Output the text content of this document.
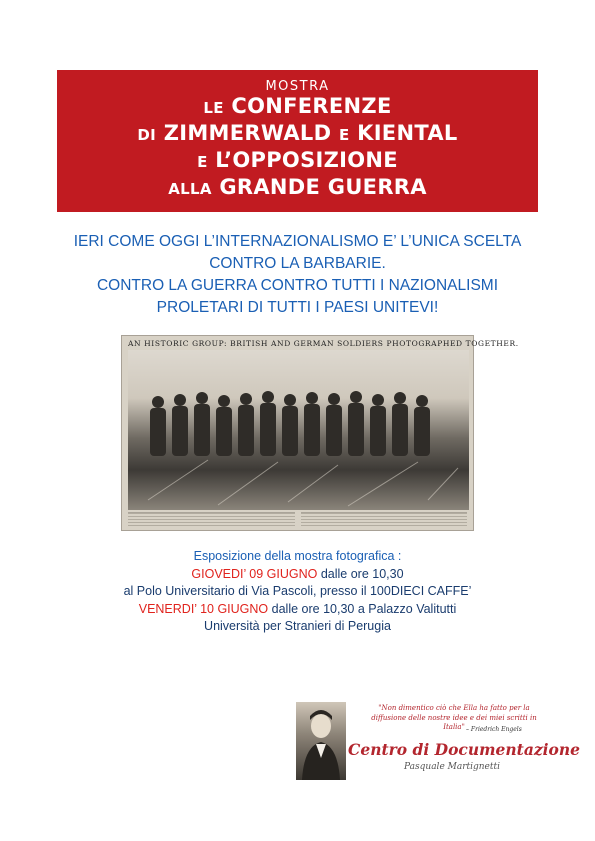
MOSTRA
LE CONFERENZE
DI ZIMMERWALD E KIENTAL
E L’OPPOSIZIONE
ALLA GRANDE GUERRA
IERI COME OGGI L’INTERNAZIONALISMO E’ L’UNICA SCELTA
CONTRO LA BARBARIE.
CONTRO LA GUERRA CONTRO TUTTI I NAZIONALISMI
PROLETARI DI TUTTI I PAESI UNITEVI!
AN HISTORIC GROUP: BRITISH AND GERMAN SOLDIERS PHOTOGRAPHED TOGETHER.
Esposizione della mostra fotografica :
GIOVEDI’ 09 GIUGNO dalle ore 10,30
al Polo Universitario di Via Pascoli, presso il 100DIECI CAFFE’
VENERDI’ 10 GIUGNO dalle ore 10,30 a Palazzo Valitutti
Università per Stranieri di Perugia
"Non dimentico ciò che Ella ha fatto per la diffusione delle nostre idee e dei miei scritti in Italia" – Friedrich Engels
Centro di Documentazione
Pasquale Martignetti
